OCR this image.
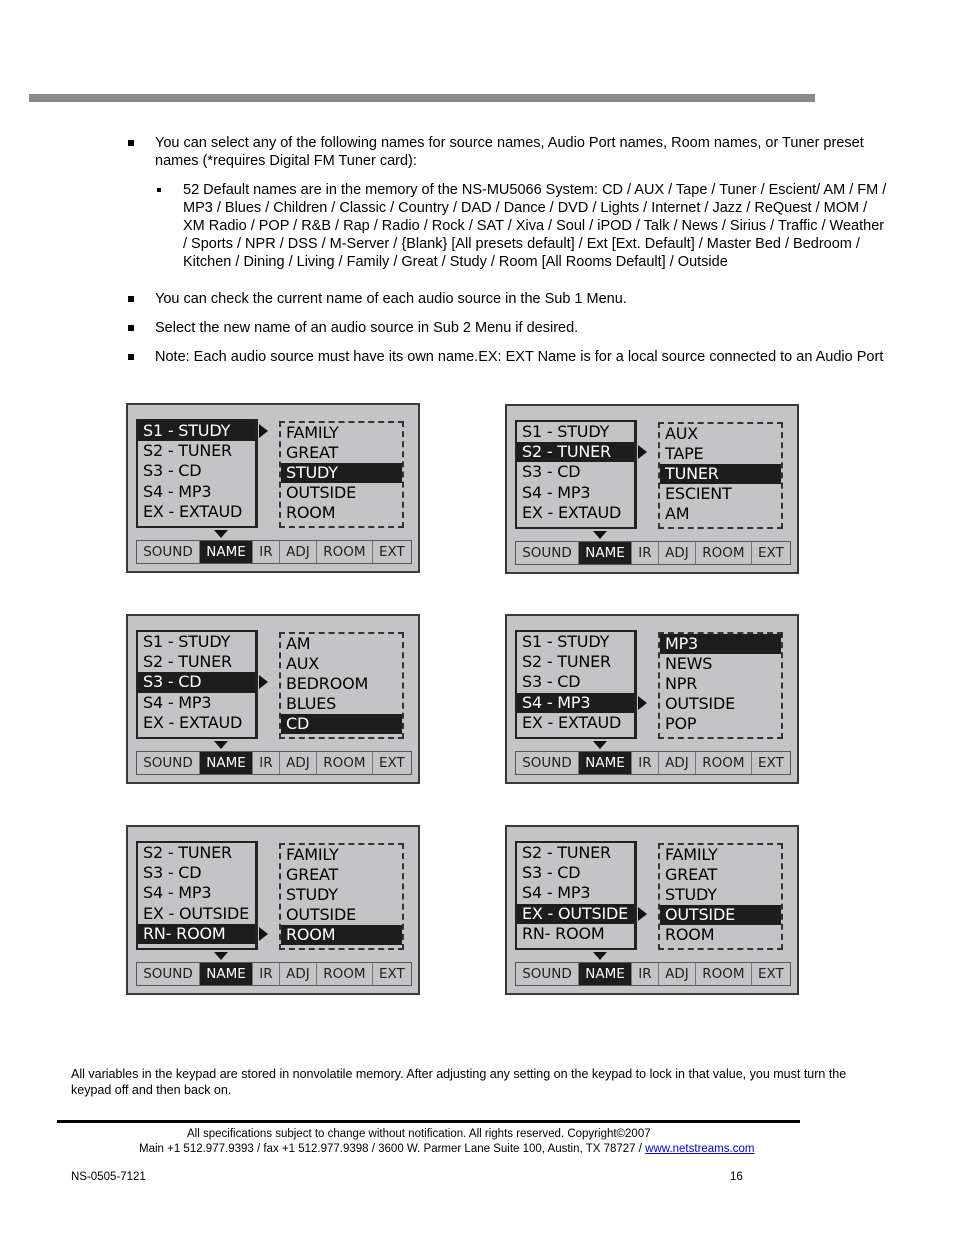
You can select any of the following names for source names, Audio Port names, Room names, or Tuner preset names (*requires Digital FM Tuner card):
52 Default names are in the memory of the NS-MU5066 System: CD / AUX / Tape / Tuner / Escient/ AM / FM / MP3 / Blues / Children / Classic / Country / DAD / Dance / DVD / Lights / Internet / Jazz / ReQuest / MOM / XM Radio / POP / R&B / Rap / Radio / Rock / SAT / Xiva / Soul / iPOD / Talk / News / Sirius / Traffic / Weather / Sports / NPR / DSS / M-Server / {Blank} [All presets default] / Ext [Ext. Default] / Master Bed / Bedroom / Kitchen / Dining / Living / Family / Great / Study / Room [All Rooms Default] / Outside
You can check the current name of each audio source in the Sub 1 Menu.
Select the new name of an audio source in Sub 2 Menu if desired.
Note: Each audio source must have its own name.EX: EXT Name is for a local source connected to an Audio Port
S1 - STUDY
S2 - TUNER
S3 - CD
S4 - MP3
EX - EXTAUD
FAMILY
GREAT
STUDY
OUTSIDE
ROOM
SOUND NAME IR ADJ ROOM EXT
S1 - STUDY
S2 - TUNER
S3 - CD
S4 - MP3
EX - EXTAUD
AUX
TAPE
TUNER
ESCIENT
AM
SOUND NAME IR ADJ ROOM EXT
S1 - STUDY
S2 - TUNER
S3 - CD
S4 - MP3
EX - EXTAUD
AM
AUX
BEDROOM
BLUES
CD
SOUND NAME IR ADJ ROOM EXT
S1 - STUDY
S2 - TUNER
S3 - CD
S4 - MP3
EX - EXTAUD
MP3
NEWS
NPR
OUTSIDE
POP
SOUND NAME IR ADJ ROOM EXT
S2 - TUNER
S3 - CD
S4 - MP3
EX - OUTSIDE
RN- ROOM
FAMILY
GREAT
STUDY
OUTSIDE
ROOM
SOUND NAME IR ADJ ROOM EXT
S2 - TUNER
S3 - CD
S4 - MP3
EX - OUTSIDE
RN- ROOM
FAMILY
GREAT
STUDY
OUTSIDE
ROOM
SOUND NAME IR ADJ ROOM EXT
All variables in the keypad are stored in nonvolatile memory. After adjusting any setting on the keypad to lock in that value, you must turn the keypad off and then back on.
All specifications subject to change without notification. All rights reserved. Copyright©2007
Main +1 512.977.9393 / fax +1 512.977.9398 / 3600 W. Parmer Lane Suite 100, Austin, TX 78727 / www.netstreams.com
NS-0505-7121	16
